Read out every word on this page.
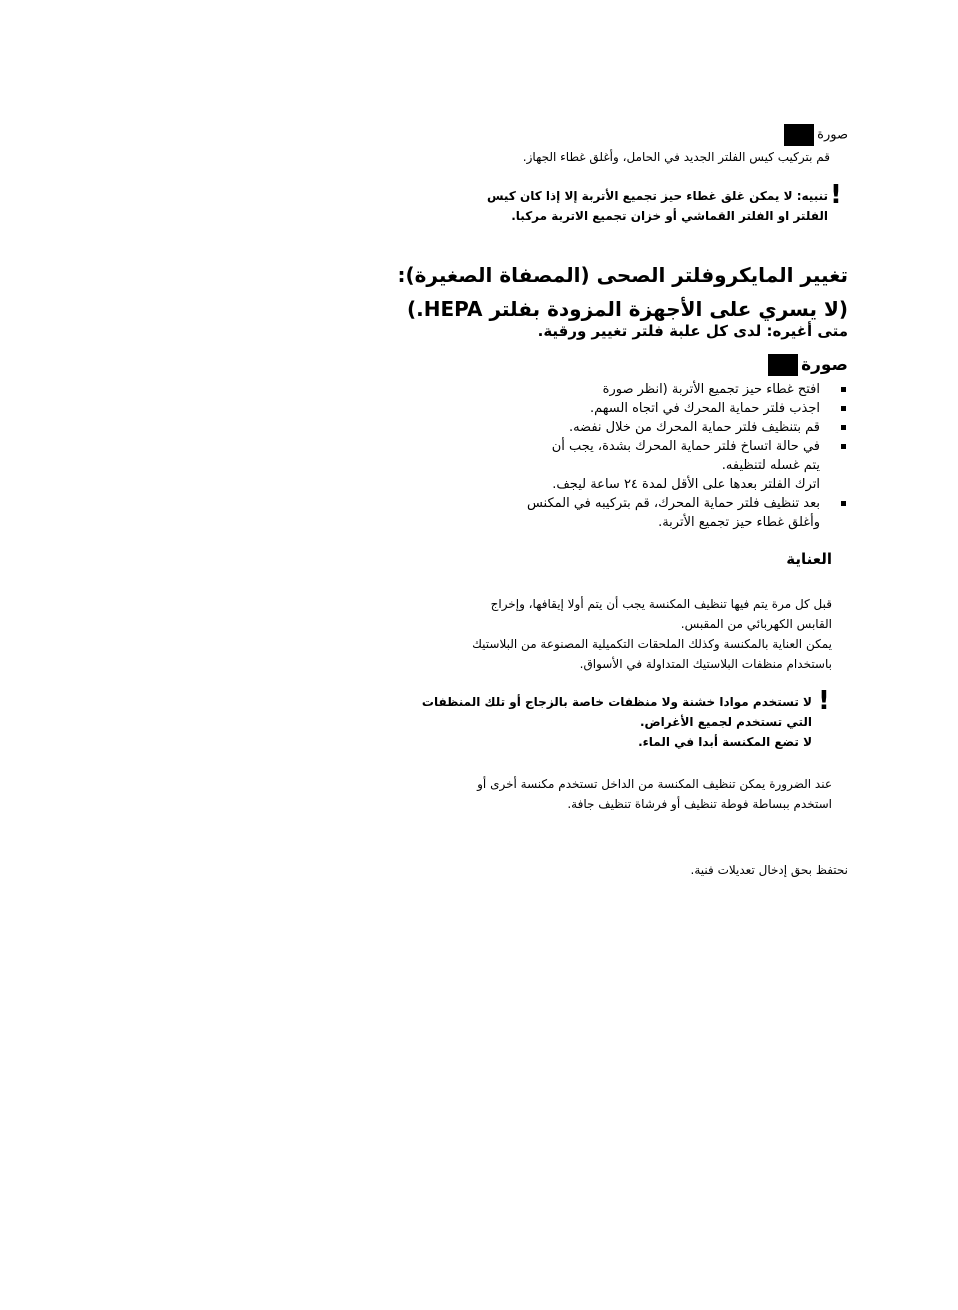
صورة
قم بتركيب كيس الفلتر الجديد في الحامل، وأغلق غطاء الجهاز.
!
تنبيه: لا يمكن غلق غطاء حيز تجميع الأتربة إلا إذا كان كيس
الفلتر او الفلتر القماشي أو خزان تجميع الاتربة مركبا.
تغيير المايكروفلتر الصحى (المصفاة الصغيرة):
(لا يسري على الأجهزة المزودة بفلتر HEPA.)
متى أغيره: لدى كل علبة فلتر تغيير ورقية.
صورة
افتح غطاء حيز تجميع الأتربة (انظر صورة
اجذب فلتر حماية المحرك في اتجاه السهم.
قم بتنظيف فلتر حماية المحرك من خلال نفضه.
في حالة اتساخ فلتر حماية المحرك بشدة، يجب أن
يتم غسله لتنظيفه.
اترك الفلتر بعدها على الأقل لمدة ٢٤ ساعة ليجف.
بعد تنظيف فلتر حماية المحرك، قم بتركيبه في المكنس
وأغلق غطاء حيز تجميع الأتربة.
العناية
قبل كل مرة يتم فيها تنظيف المكنسة يجب أن يتم أولا إيقافها، وإخراج
القابس الكهربائي من المقبس.
يمكن العناية بالمكنسة وكذلك الملحقات التكميلية المصنوعة من البلاستيك
باستخدام منظفات البلاستيك المتداولة في الأسواق.
!
لا تستخدم موادا خشنة ولا منظفات خاصة بالزجاج أو تلك المنظفات
التي تستخدم لجميع الأغراض.
لا تضع المكنسة أبدا في الماء.
عند الضرورة يمكن تنظيف المكنسة من الداخل تستخدم مكنسة أخرى أو
استخدم ببساطة فوطة تنظيف أو فرشاة تنظيف جافة.
نحتفظ بحق إدخال تعديلات فنية.
